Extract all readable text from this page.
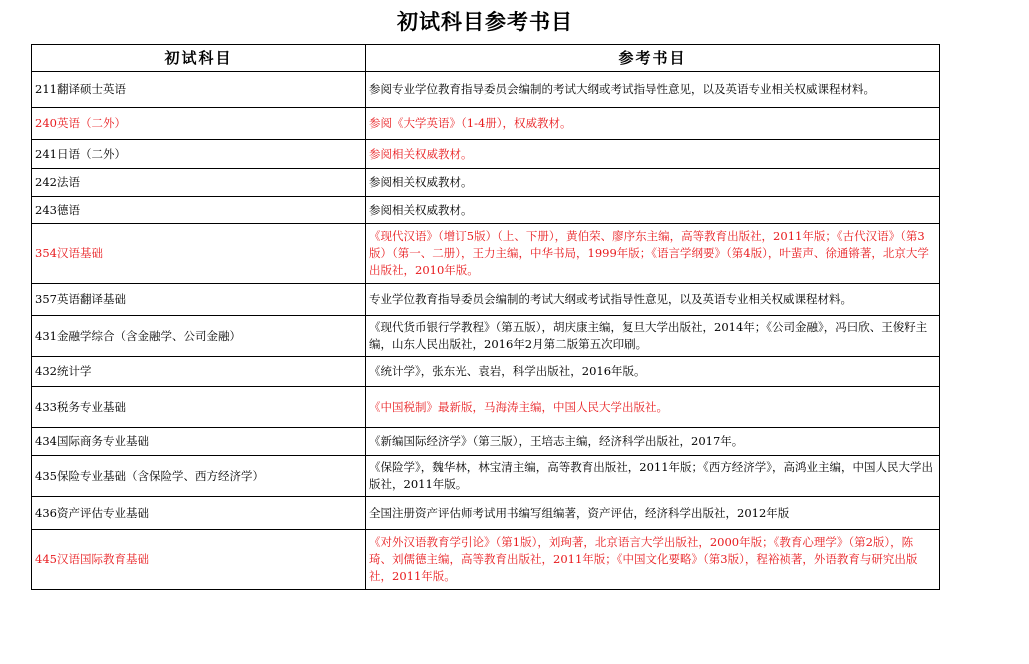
初试科目参考书目
初试科目	参考书目
211翻译硕士英语	参阅专业学位教育指导委员会编制的考试大纲或考试指导性意见，以及英语专业相关权威课程材料。
240英语（二外）	参阅《大学英语》（1-4册），权威教材。
241日语（二外）	参阅相关权威教材。
242法语	参阅相关权威教材。
243德语	参阅相关权威教材。
354汉语基础	《现代汉语》（增订5版）（上、下册），黄伯荣、廖序东主编，高等教育出版社，2011年版；《古代汉语》（第3版）（第一、二册），王力主编，中华书局，1999年版；《语言学纲要》（第4版），叶蜚声、徐通锵著，北京大学出版社，2010年版。
357英语翻译基础	专业学位教育指导委员会编制的考试大纲或考试指导性意见，以及英语专业相关权威课程材料。
431金融学综合（含金融学、公司金融）	《现代货币银行学教程》（第五版），胡庆康主编，复旦大学出版社，2014年；《公司金融》，冯曰欣、王俊籽主编，山东人民出版社，2016年2月第二版第五次印刷。
432统计学	《统计学》，张东光、袁岩，科学出版社，2016年版。
433税务专业基础	《中国税制》最新版，马海涛主编，中国人民大学出版社。
434国际商务专业基础	《新编国际经济学》（第三版），王培志主编，经济科学出版社，2017年。
435保险专业基础（含保险学、西方经济学）	《保险学》，魏华林，林宝清主编，高等教育出版社，2011年版；《西方经济学》，高鸿业主编，中国人民大学出版社，2011年版。
436资产评估专业基础	全国注册资产评估师考试用书编写组编著，资产评估，经济科学出版社，2012年版
445汉语国际教育基础	《对外汉语教育学引论》（第1版），刘珣著，北京语言大学出版社，2000年版；《教育心理学》（第2版），陈琦、刘儒德主编，高等教育出版社，2011年版；《中国文化要略》（第3版），程裕祯著，外语教育与研究出版社，2011年版。
